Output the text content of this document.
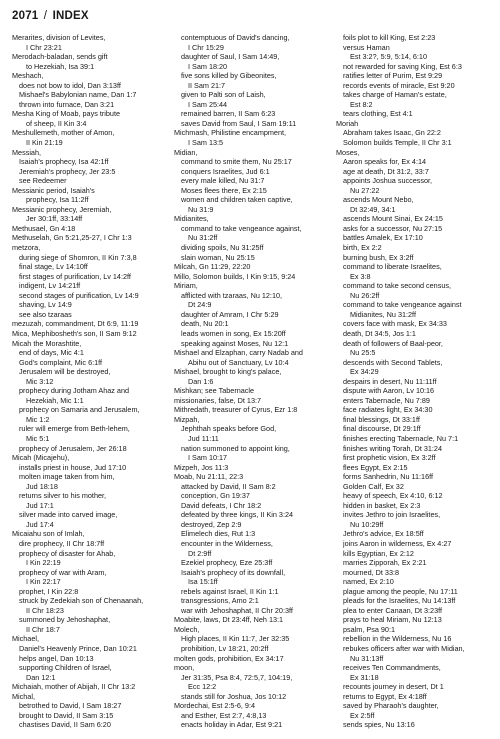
2071 / INDEX
Merarites, division of Levites,
I Chr 23:21
Merodach-baladan, sends gift
to Hezekiah, Isa 39:1
Meshach,
does not bow to idol, Dan 3:13ff
Mishael's Babylonian name, Dan 1:7
thrown into furnace, Dan 3:21
Mesha King of Moab, pays tribute
of sheep, II Kin 3:4
Meshullemeth, mother of Amon,
II Kin 21:19
Messiah,
Isaiah's prophecy, Isa 42:1ff
Jeremiah's prophecy, Jer 23:5
see Redeemer
Messianic period, Isaiah's
prophecy, Isa 11:2ff
Messianic prophecy, Jeremiah,
Jer 30:1ff, 33:14ff
Methusael, Gn 4:18
Methuselah, Gn 5:21,25-27, I Chr 1:3
metzora,
during siege of Shomron, II Kin 7:3,8
final stage, Lv 14:10ff
first stages of purification, Lv 14:2ff
indigent, Lv 14:21ff
second stages of purification, Lv 14:9
shaving, Lv 14:9
see also tzaraas
mezuzah, commandment, Dt 6:9, 11:19
Mica, Mephibosheth's son, II Sam 9:12
Micah the Morashtite,
end of days, Mic 4:1
God's complaint, Mic 6:1ff
Jerusalem will be destroyed,
Mic 3:12
prophecy during Jotham Ahaz and
Hezekiah, Mic 1:1
prophecy on Samaria and Jerusalem,
Mic 1:2
ruler will emerge from Beth-lehem,
Mic 5:1
prophecy of Jerusalem, Jer 26:18
Micah (Micajehu),
installs priest in house, Jud 17:10
molten image taken from him,
Jud 18:18
returns silver to his mother,
Jud 17:1
silver made into carved image,
Jud 17:4
Micaiahu son of Imlah,
dire prophecy, II Chr 18:7ff
prophecy of disaster for Ahab,
I Kin 22:19
prophecy of war with Aram,
I Kin 22:17
prophet, I Kin 22:8
struck by Zedekiah son of Chenaanah,
II Chr 18:23
summoned by Jehoshaphat,
II Chr 18:7
Michael,
Daniel's Heavenly Prince, Dan 10:21
helps angel, Dan 10:13
supporting Children of Israel,
Dan 12:1
Michaiah, mother of Abijah, II Chr 13:2
Michal,
betrothed to David, I Sam 18:27
brought to David, II Sam 3:15
chastises David, II Sam 6:20
contemptuous of David's dancing,
I Chr 15:29
daughter of Saul, I Sam 14:49,
I Sam 18:20
five sons killed by Gibeonites,
II Sam 21:7
given to Palti son of Laish,
I Sam 25:44
remained barren, II Sam 6:23
saves David from Saul, I Sam 19:11
Michmash, Philistine encampment,
I Sam 13:5
Midian,
command to smite them, Nu 25:17
conquers Israelites, Jud 6:1
every male killed, Nu 31:7
Moses flees there, Ex 2:15
women and children taken captive,
Nu 31:9
Midianites,
command to take vengeance against,
Nu 31:2ff
dividing spoils, Nu 31:25ff
slain woman, Nu 25:15
Milcah, Gn 11:29, 22:20
Millo, Solomon builds, I Kin 9:15, 9:24
Miriam,
afflicted with tzaraas, Nu 12:10,
Dt 24:9
daughter of Amram, I Chr 5:29
death, Nu 20:1
leads women in song, Ex 15:20ff
speaking against Moses, Nu 12:1
Mishael and Elzaphan, carry Nadab and
Abihu out of Sanctuary, Lv 10:4
Mishael, brought to king's palace,
Dan 1:6
Mishkan; see Tabernacle
missionaries, false, Dt 13:7
Mithredath, treasurer of Cyrus, Ezr 1:8
Mizpah,
Jephthah speaks before God,
Jud 11:11
nation summoned to appoint king,
I Sam 10:17
Mizpeh, Jos 11:3
Moab, Nu 21:11, 22:3
attacked by David, II Sam 8:2
conception, Gn 19:37
David defeats, I Chr 18:2
defeated by three kings, II Kin 3:24
destroyed, Zep 2:9
Elimelech dies, Rut 1:3
encounter in the Wilderness,
Dt 2:9ff
Ezekiel prophecy, Eze 25:3ff
Isaiah's prophecy of its downfall,
Isa 15:1ff
rebels against Israel, II Kin 1:1
transgressions, Amo 2:1
war with Jehoshaphat, II Chr 20:3ff
Moabite, laws, Dt 23:4ff, Neh 13:1
Molech,
High places, II Kin 11:7, Jer 32:35
prohibition, Lv 18:21, 20:2ff
molten gods, prohibition, Ex 34:17
moon,
Jer 31:35, Psa 8:4, 72:5,7, 104:19,
Ecc 12:2
stands still for Joshua, Jos 10:12
Mordechai, Est 2:5-6, 9:4
and Esther, Est 2:7, 4:8,13
enacts holiday in Adar, Est 9:21
foils plot to kill King, Est 2:23
versus Haman
Est 3:2?, 5:9, 5:14, 6:10
not rewarded for saving King, Est 6:3
ratifies letter of Purim, Est 9:29
records events of miracle, Est 9:20
takes charge of Haman's estate,
Est 8:2
tears clothing, Est 4:1
Moriah
Abraham takes Isaac, Gn 22:2
Solomon builds Temple, II Chr 3:1
Moses,
Aaron speaks for, Ex 4:14
age at death, Dt 31:2, 33:7
appoints Joshua successor,
Nu 27:22
ascends Mount Nebo,
Dt 32:49, 34:1
ascends Mount Sinai, Ex 24:15
asks for a successor, Nu 27:15
battles Amalek, Ex 17:10
birth, Ex 2:2
burning bush, Ex 3:2ff
command to liberate Israelites,
Ex 3:8
command to take second census,
Nu 26:2ff
command to take vengeance against
Midianites, Nu 31:2ff
covers face with mask, Ex 34:33
death, Dt 34:5, Jos 1:1
death of followers of Baal-peor,
Nu 25:5
descends with Second Tablets,
Ex 34:29
despairs in desert, Nu 11:11ff
dispute with Aaron, Lv 10:16
enters Tabernacle, Nu 7:89
face radiates light, Ex 34:30
final blessings, Dt 33:1ff
final discourse, Dt 29:1ff
finishes erecting Tabernacle, Nu 7:1
finishes writing Torah, Dt 31:24
first prophetic vision, Ex 3:2ff
flees Egypt, Ex 2:15
forms Sanhedrin, Nu 11:16ff
Golden Calf, Ex 32
heavy of speech, Ex 4:10, 6:12
hidden in basket, Ex 2:3
invites Jethro to join Israelites,
Nu 10:29ff
Jethro's advice, Ex 18:5ff
joins Aaron in wilderness, Ex 4:27
kills Egyptian, Ex 2:12
marries Zipporah, Ex 2:21
mourned, Dt 33:8
named, Ex 2:10
plague among the people, Nu 17:11
pleads for the Israelites, Nu 14:13ff
plea to enter Canaan, Dt 3:23ff
prays to heal Miriam, Nu 12:13
psalm, Psa 90:1
rebellion in the Wilderness, Nu 16
rebukes officers after war with Midian,
Nu 31:13ff
receives Ten Commandments,
Ex 31:18
recounts journey in desert, Dt 1
returns to Egypt, Ex 4:18ff
saved by Pharaoh's daughter,
Ex 2:5ff
sends spies, Nu 13:16
